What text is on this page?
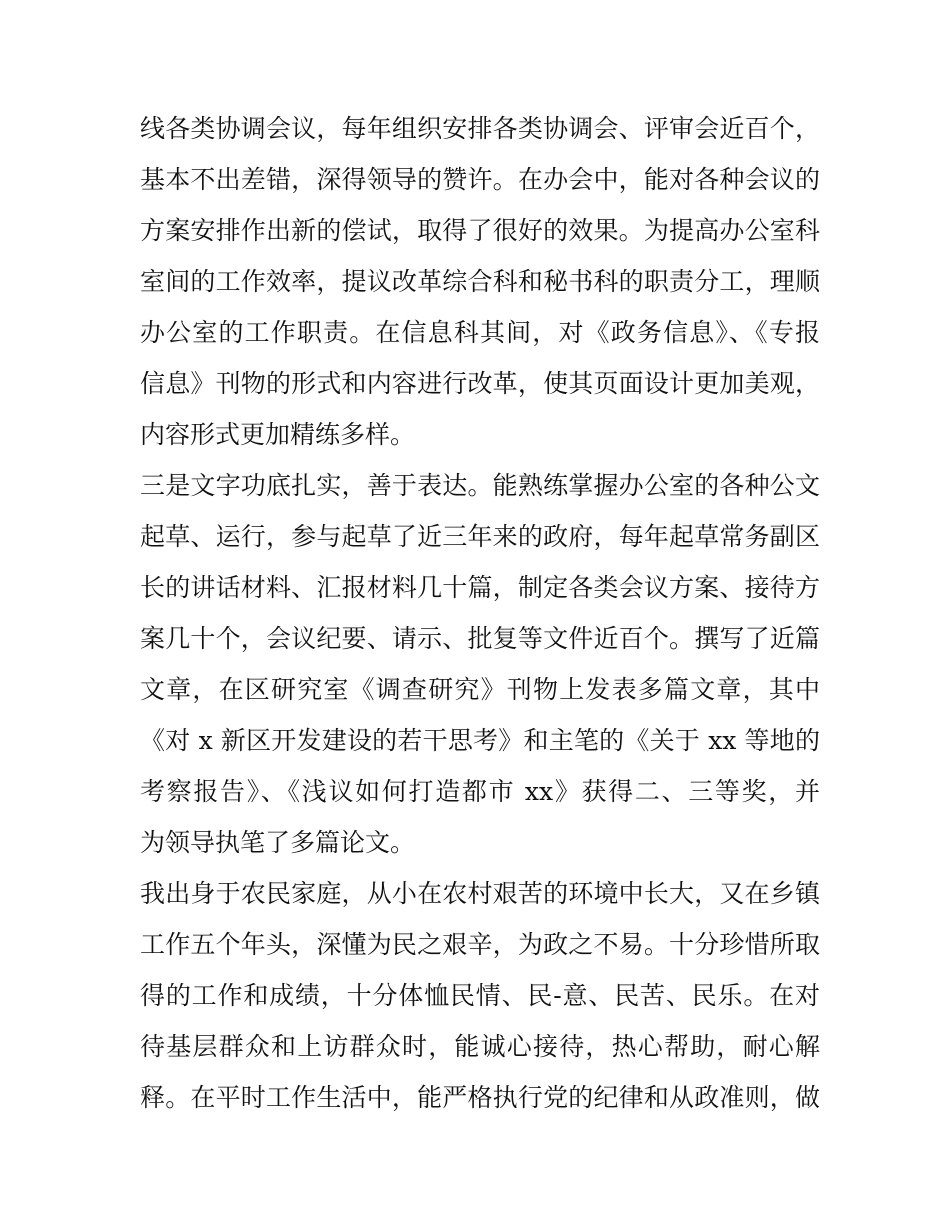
线各类协调会议，每年组织安排各类协调会、评审会近百个，
基本不出差错，深得领导的赞许。在办会中，能对各种会议的
方案安排作出新的偿试，取得了很好的效果。为提高办公室科
室间的工作效率，提议改革综合科和秘书科的职责分工，理顺
办公室的工作职责。在信息科其间，对《政务信息》、《专报
信息》刊物的形式和内容进行改革，使其页面设计更加美观，
内容形式更加精练多样。
三是文字功底扎实，善于表达。能熟练掌握办公室的各种公文
起草、运行，参与起草了近三年来的政府，每年起草常务副区
长的讲话材料、汇报材料几十篇，制定各类会议方案、接待方
案几十个，会议纪要、请示、批复等文件近百个。撰写了近篇
文章，在区研究室《调查研究》刊物上发表多篇文章，其中
《对 x 新区开发建设的若干思考》和主笔的《关于 xx 等地的
考察报告》、《浅议如何打造都市 xx》获得二、三等奖，并
为领导执笔了多篇论文。
我出身于农民家庭，从小在农村艰苦的环境中长大，又在乡镇
工作五个年头，深懂为民之艰辛，为政之不易。十分珍惜所取
得的工作和成绩，十分体恤民情、民-意、民苦、民乐。在对
待基层群众和上访群众时，能诚心接待，热心帮助，耐心解
释。在平时工作生活中，能严格执行党的纪律和从政准则，做
